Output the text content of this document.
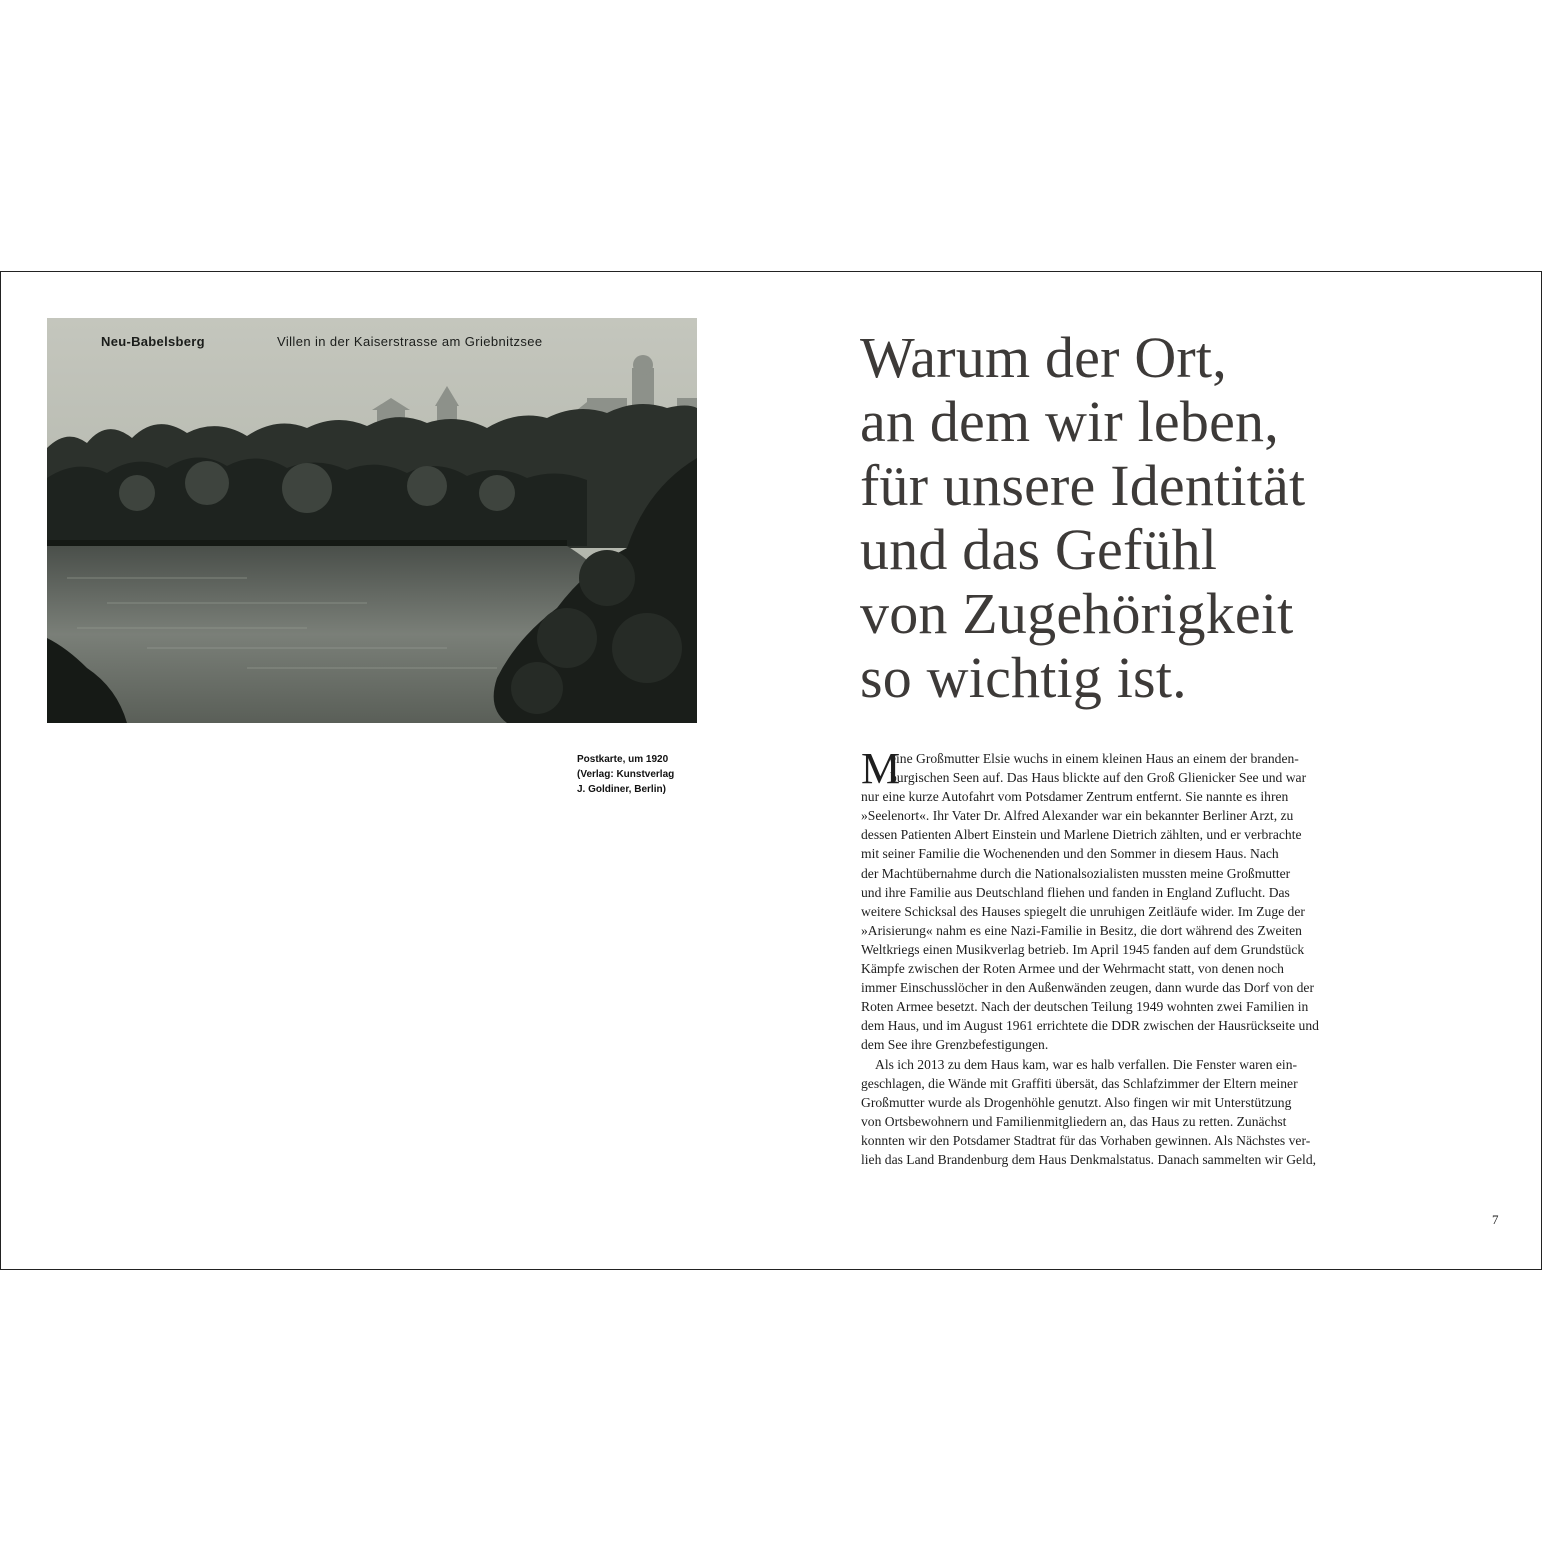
Neu-Babelsberg	Villen in der Kaiserstrasse am Griebnitzsee
Postkarte, um 1920
(Verlag: Kunstverlag
J. Goldiner, Berlin)
Warum der Ort,
an dem wir leben,
für unsere Identität
und das Gefühl
von Zugehörigkeit
so wichtig ist.
M
eine Großmutter Elsie wuchs in einem kleinen Haus an einem der branden-
burgischen Seen auf. Das Haus blickte auf den Groß Glienicker See und war
nur eine kurze Autofahrt vom Potsdamer Zentrum entfernt. Sie nannte es ihren
»Seelenort«. Ihr Vater Dr. Alfred Alexander war ein bekannter Berliner Arzt, zu
dessen Patienten Albert Einstein und Marlene Dietrich zählten, und er verbrachte
mit seiner Familie die Wochenenden und den Sommer in diesem Haus. Nach
der Machtübernahme durch die Nationalsozialisten mussten meine Großmutter
und ihre Familie aus Deutschland fliehen und fanden in England Zuflucht. Das
weitere Schicksal des Hauses spiegelt die unruhigen Zeitläufe wider. Im Zuge der
»Arisierung« nahm es eine Nazi-Familie in Besitz, die dort während des Zweiten
Weltkriegs einen Musikverlag betrieb. Im April 1945 fanden auf dem Grundstück
Kämpfe zwischen der Roten Armee und der Wehrmacht statt, von denen noch
immer Einschusslöcher in den Außenwänden zeugen, dann wurde das Dorf von der
Roten Armee besetzt. Nach der deutschen Teilung 1949 wohnten zwei Familien in
dem Haus, und im August 1961 errichtete die DDR zwischen der Hausrückseite und
dem See ihre Grenzbefestigungen.
Als ich 2013 zu dem Haus kam, war es halb verfallen. Die Fenster waren ein-
geschlagen, die Wände mit Graffiti übersät, das Schlafzimmer der Eltern meiner
Großmutter wurde als Drogenhöhle genutzt. Also fingen wir mit Unterstützung
von Ortsbewohnern und Familienmitgliedern an, das Haus zu retten. Zunächst
konnten wir den Potsdamer Stadtrat für das Vorhaben gewinnen. Als Nächstes ver-
lieh das Land Brandenburg dem Haus Denkmalstatus. Danach sammelten wir Geld,
7
